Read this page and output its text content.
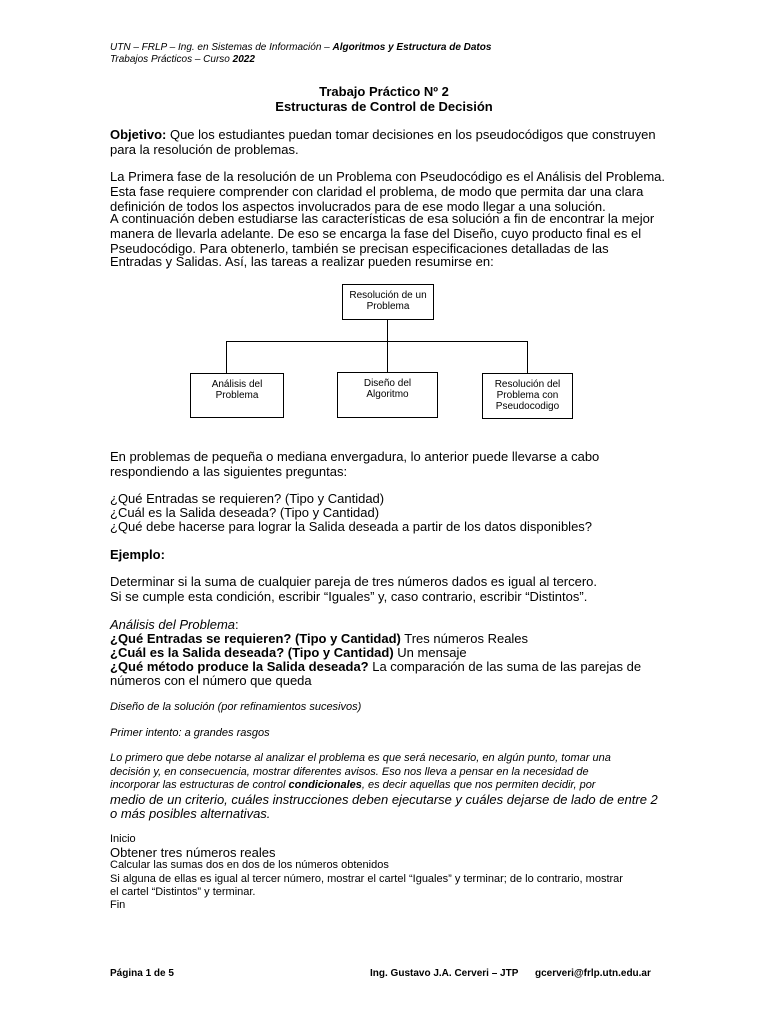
UTN – FRLP – Ing. en Sistemas de Información – Algoritmos y Estructura de Datos
Trabajos Prácticos – Curso 2022
Trabajo Práctico Nº 2
Estructuras de Control de Decisión
Objetivo: Que los estudiantes puedan tomar decisiones en los pseudocódigos que construyen
para la resolución de problemas.
La Primera fase de la resolución de un Problema con Pseudocódigo es el Análisis del Problema.
Esta fase requiere comprender con claridad el problema, de modo que permita dar una clara
definición de todos los aspectos involucrados para de ese modo llegar a una solución.
A continuación deben estudiarse las características de esa solución a fin de encontrar la mejor
manera de llevarla adelante. De eso se encarga la fase del Diseño, cuyo producto final es el
Pseudocódigo. Para obtenerlo, también se precisan especificaciones detalladas de las
Entradas y Salidas. Así, las tareas a realizar pueden resumirse en:
Resolución de un
Problema
Análisis del
Problema
Diseño del
Algoritmo
Resolución del
Problema con
Pseudocodigo
En problemas de pequeña o mediana envergadura, lo anterior puede llevarse a cabo
respondiendo a las siguientes preguntas:
¿Qué Entradas se requieren? (Tipo y Cantidad)
¿Cuál es la Salida deseada? (Tipo y Cantidad)
¿Qué debe hacerse para lograr la Salida deseada a partir de los datos disponibles?
Ejemplo:
Determinar si la suma de cualquier pareja de tres números dados es igual al tercero.
Si se cumple esta condición, escribir “Iguales” y, caso contrario, escribir “Distintos”.
Análisis del Problema:
¿Qué Entradas se requieren? (Tipo y Cantidad) Tres números Reales
¿Cuál es la Salida deseada? (Tipo y Cantidad) Un mensaje
¿Qué método produce la Salida deseada? La comparación de las suma de las parejas de
números con el número que queda
Diseño de la solución (por refinamientos sucesivos)
Primer intento: a grandes rasgos
Lo primero que debe notarse al analizar el problema es que será necesario, en algún punto, tomar una
decisión y, en consecuencia, mostrar diferentes avisos. Eso nos lleva a pensar en la necesidad de
incorporar las estructuras de control condicionales, es decir aquellas que nos permiten decidir, por
medio de un criterio, cuáles instrucciones deben ejecutarse y cuáles dejarse de lado de entre 2
o más posibles alternativas.
Inicio
Obtener tres números reales
Calcular las sumas dos en dos de los números obtenidos
Si alguna de ellas es igual al tercer número, mostrar el cartel “Iguales” y terminar; de lo contrario, mostrar
el cartel “Distintos” y terminar.
Fin
Página 1 de 5	Ing. Gustavo J.A. Cerveri – JTP gcerveri@frlp.utn.edu.ar
